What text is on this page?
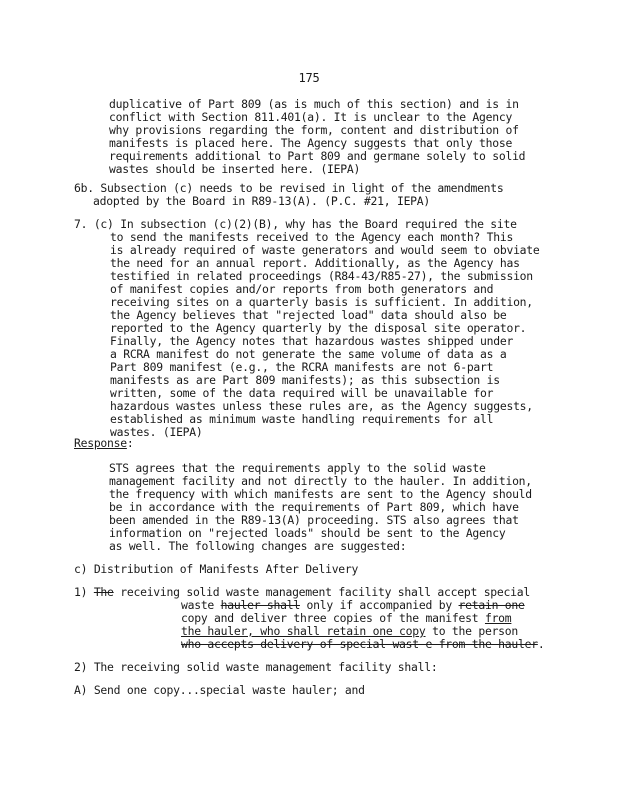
175
duplicative of Part 809 (as is much of this section) and is in
conflict with Section 811.401(a). It is unclear to the Agency
why provisions regarding the form, content and distribution of
manifests is placed here. The Agency suggests that only those
requirements additional to Part 809 and germane solely to solid
wastes should be inserted here. (IEPA)
6b. Subsection (c) needs to be revised in light of the amendments
adopted by the Board in R89-13(A). (P.C. #21, IEPA)
7. (c) In subsection (c)(2)(B), why has the Board required the site
to send the manifests received to the Agency each month? This
is already required of waste generators and would seem to obviate
the need for an annual report. Additionally, as the Agency has
testified in related proceedings (R84-43/R85-27), the submission
of manifest copies and/or reports from both generators and
receiving sites on a quarterly basis is sufficient. In addition,
the Agency believes that "rejected load" data should also be
reported to the Agency quarterly by the disposal site operator.
Finally, the Agency notes that hazardous wastes shipped under
a RCRA manifest do not generate the same volume of data as a
Part 809 manifest (e.g., the RCRA manifests are not 6-part
manifests as are Part 809 manifests); as this subsection is
written, some of the data required will be unavailable for
hazardous wastes unless these rules are, as the Agency suggests,
established as minimum waste handling requirements for all
wastes. (IEPA)
Response:
STS agrees that the requirements apply to the solid waste
management facility and not directly to the hauler. In addition,
the frequency with which manifests are sent to the Agency should
be in accordance with the requirements of Part 809, which have
been amended in the R89-13(A) proceeding. STS also agrees that
information on "rejected loads" should be sent to the Agency
as well. The following changes are suggested:
c) Distribution of Manifests After Delivery
1) The receiving solid waste management facility shall accept special
waste hauler shall only if accompanied by retain one
copy and deliver three copies of the manifest from
the hauler, who shall retain one copy to the person
who accepts delivery of special wast e from the hauler.
2) The receiving solid waste management facility shall:
A) Send one copy...special waste hauler; and
